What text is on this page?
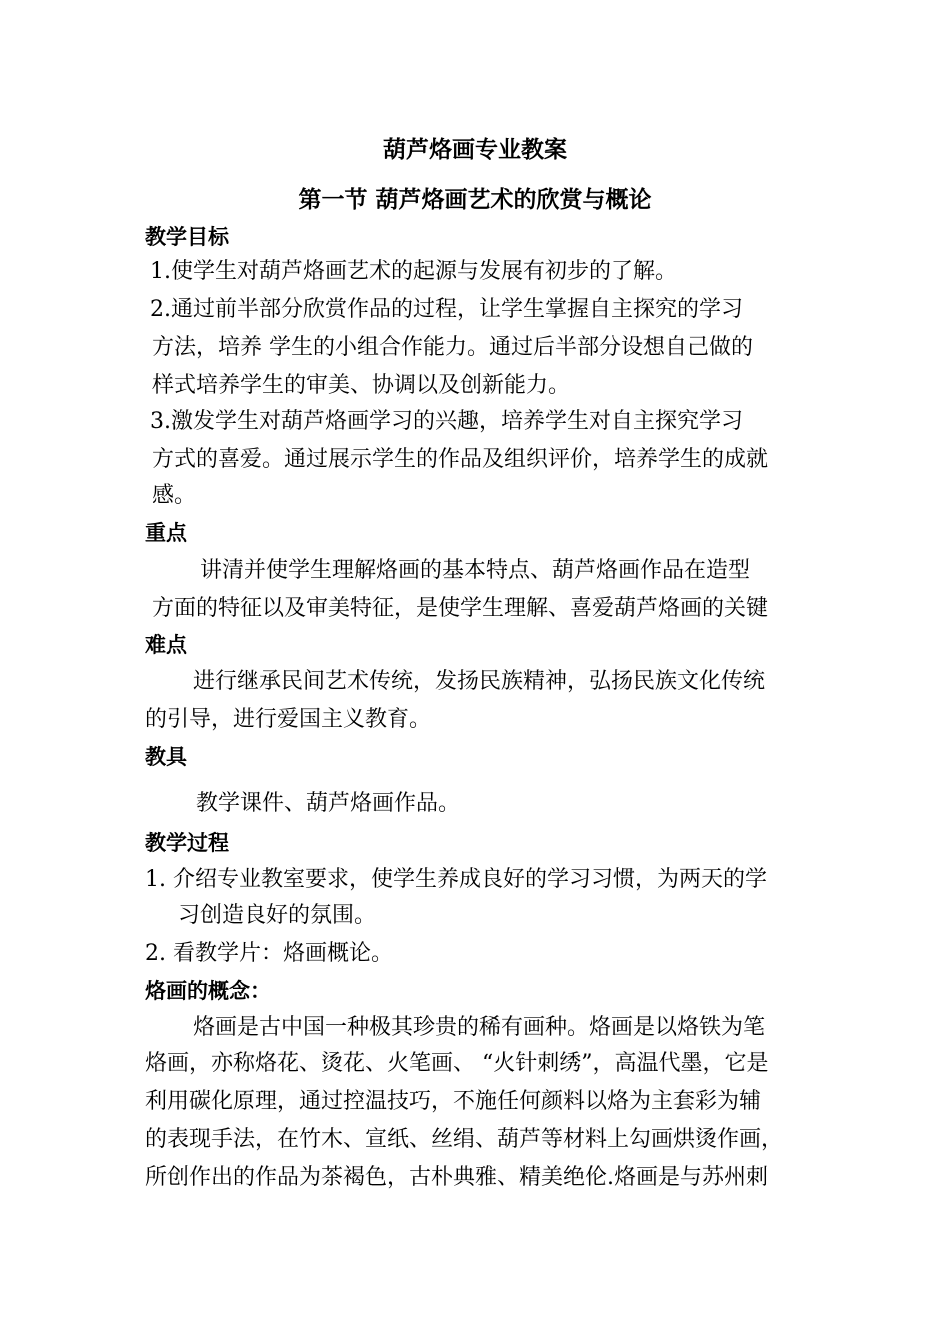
葫芦烙画专业教案
第一节 葫芦烙画艺术的欣赏与概论
教学目标
1.使学生对葫芦烙画艺术的起源与发展有初步的了解。
2.通过前半部分欣赏作品的过程，让学生掌握自主探究的学习
方法，培养 学生的小组合作能力。通过后半部分设想自己做的
样式培养学生的审美、协调以及创新能力。
3.激发学生对葫芦烙画学习的兴趣，培养学生对自主探究学习
方式的喜爱。通过展示学生的作品及组织评价，培养学生的成就
感。
重点
讲清并使学生理解烙画的基本特点、葫芦烙画作品在造型
方面的特征以及审美特征，是使学生理解、喜爱葫芦烙画的关键
难点
进行继承民间艺术传统，发扬民族精神，弘扬民族文化传统
的引导，进行爱国主义教育。
教具
教学课件、葫芦烙画作品。
教学过程
1. 介绍专业教室要求，使学生养成良好的学习习惯，为两天的学
习创造良好的氛围。
2. 看教学片：烙画概论。
烙画的概念：
烙画是古中国一种极其珍贵的稀有画种。烙画是以烙铁为笔
烙画，亦称烙花、烫花、火笔画、 “火针刺绣”，高温代墨，它是
利用碳化原理，通过控温技巧，不施任何颜料以烙为主套彩为辅
的表现手法，在竹木、宣纸、丝绢、葫芦等材料上勾画烘烫作画，
所创作出的作品为茶褐色，古朴典雅、精美绝伦.烙画是与苏州刺
